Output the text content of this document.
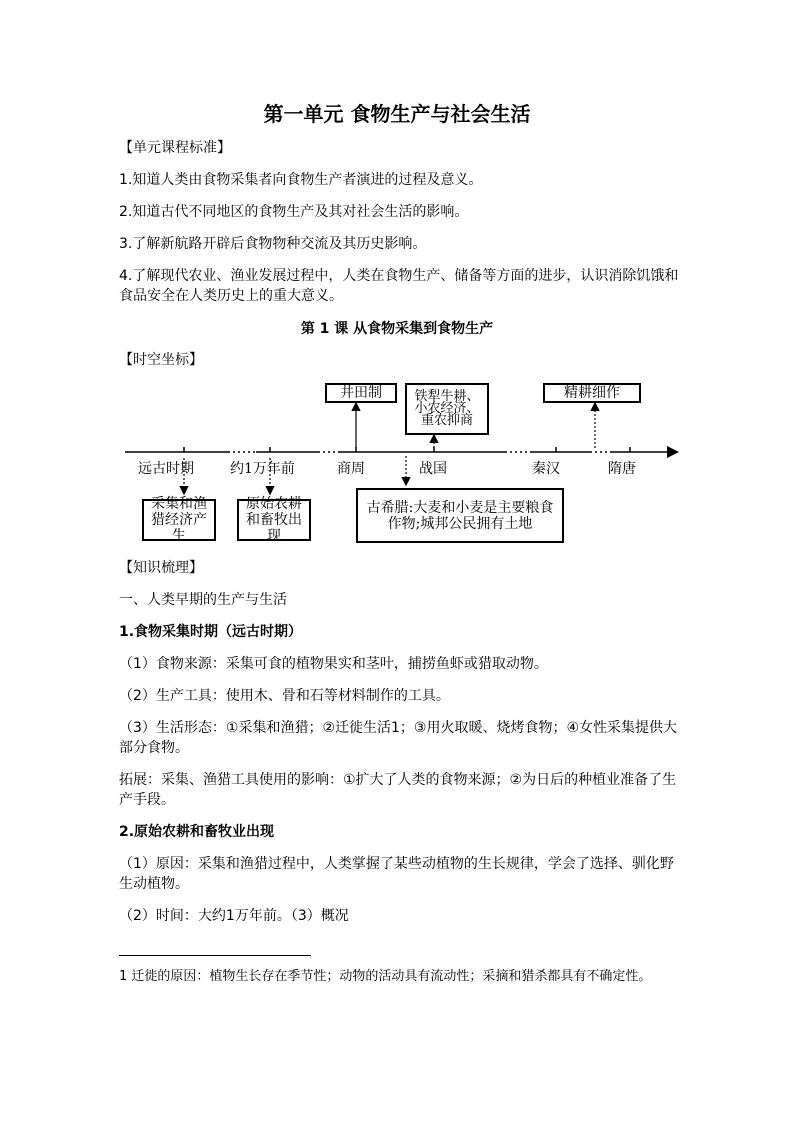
第一单元 食物生产与社会生活

【单元课程标准】

1.知道人类由食物采集者向食物生产者演进的过程及意义。

2.知道古代不同地区的食物生产及其对社会生活的影响。

3.了解新航路开辟后食物物种交流及其历史影响。

4.了解现代农业、渔业发展过程中，人类在食物生产、储备等方面的进步，认识消除饥饿和食品安全在人类历史上的重大意义。

第 1 课 从食物采集到食物生产

【时空坐标】

远古时期	约1万年前	商周	战国	秦汉	隋唐
井田制	铁犁牛耕、小农经济、重农抑商
精耕细作
采集和渔猎经济产生
原始农耕和畜牧出现
古希腊:大麦和小麦是主要粮食作物;城邦公民拥有土地

【知识梳理】

一、人类早期的生产与生活

1.食物采集时期（远古时期）

（1）食物来源：采集可食的植物果实和茎叶，捕捞鱼虾或猎取动物。

（2）生产工具：使用木、骨和石等材料制作的工具。

（3）生活形态：①采集和渔猎；②迁徙生活1；③用火取暖、烧烤食物；④女性采集提供大部分食物。

拓展：采集、渔猎工具使用的影响：①扩大了人类的食物来源；②为日后的种植业准备了生产手段。

2.原始农耕和畜牧业出现

（1）原因：采集和渔猎过程中，人类掌握了某些动植物的生长规律，学会了选择、驯化野生动植物。

（2）时间：大约1万年前。（3）概况

1 迁徙的原因：植物生长存在季节性；动物的活动具有流动性；采摘和猎杀都具有不确定性。
